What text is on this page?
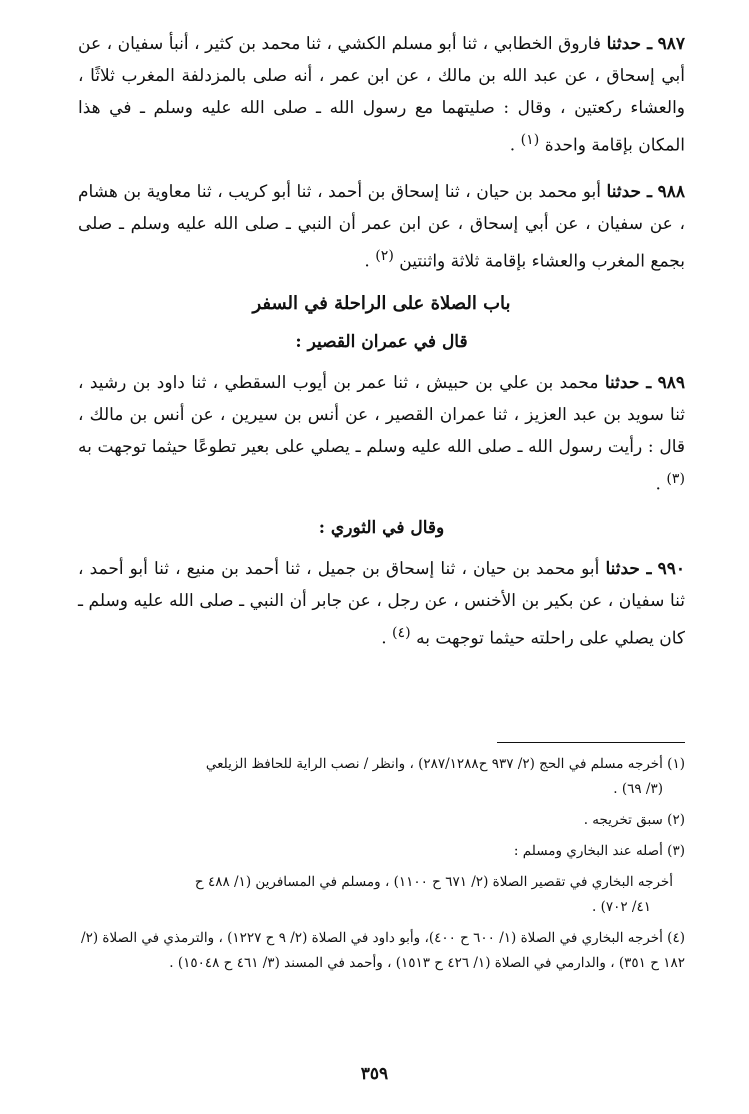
٩٨٧ ـ حدثنا فاروق الخطابي ، ثنا أبو مسلم الكشي ، ثنا محمد بن كثير ، أنبأ سفيان ، عن أبي إسحاق ، عن عبد الله بن مالك ، عن ابن عمر ، أنه صلى بالمزدلفة المغرب ثلاثًا ، والعشاء ركعتين ، وقال : صليتهما مع رسول الله ـ صلى الله عليه وسلم ـ في هذا المكان بإقامة واحدة $^{(١)}$ .

٩٨٨ ـ حدثنا أبو محمد بن حيان ، ثنا إسحاق بن أحمد ، ثنا أبو كريب ، ثنا معاوية بن هشام ، عن سفيان ، عن أبي إسحاق ، عن ابن عمر أن النبي ـ صلى الله عليه وسلم ـ صلى بجمع المغرب والعشاء بإقامة ثلاثة واثنتين $^{(٢)}$ .

باب الصلاة على الراحلة في السفر
قال في عمران القصير :

٩٨٩ ـ حدثنا محمد بن علي بن حبيش ، ثنا عمر بن أيوب السقطي ، ثنا داود بن رشيد ، ثنا سويد بن عبد العزيز ، ثنا عمران القصير ، عن أنس بن سيرين ، عن أنس بن مالك ، قال : رأيت رسول الله ـ صلى الله عليه وسلم ـ يصلي على بعير تطوعًا حيثما توجهت به $^{(٣)}$ .

وقال في الثوري :

٩٩٠ ـ حدثنا أبو محمد بن حيان ، ثنا إسحاق بن جميل ، ثنا أحمد بن منيع ، ثنا أبو أحمد ، ثنا سفيان ، عن بكير بن الأخنس ، عن رجل ، عن جابر أن النبي ـ صلى الله عليه وسلم ـ كان يصلي على راحلته حيثما توجهت به $^{(٤)}$ .

(١) أخرجه مسلم في الحج (٢/ ٩٣٧ ح٢٨٧/١٢٨٨) ، وانظر / نصب الراية للحافظ الزيلعي
(٣/ ٦٩) .
(٢) سبق تخريجه .
(٣) أصله عند البخاري ومسلم :
أخرجه البخاري في تقصير الصلاة (٢/ ٦٧١ ح ١١٠٠) ، ومسلم في المسافرين (١/ ٤٨٨ ح
٤١/ ٧٠٢) .
(٤) أخرجه البخاري في الصلاة (١/ ٦٠٠ ح ٤٠٠)، وأبو داود في الصلاة (٢/ ٩ ح ١٢٢٧) ، والترمذي في الصلاة (٢/ ١٨٢ ح ٣٥١) ، والدارمي في الصلاة (١/ ٤٢٦ ح ١٥١٣) ، وأحمد في المسند (٣/ ٤٦١ ح ١٥٠٤٨) .
٣٥٩
